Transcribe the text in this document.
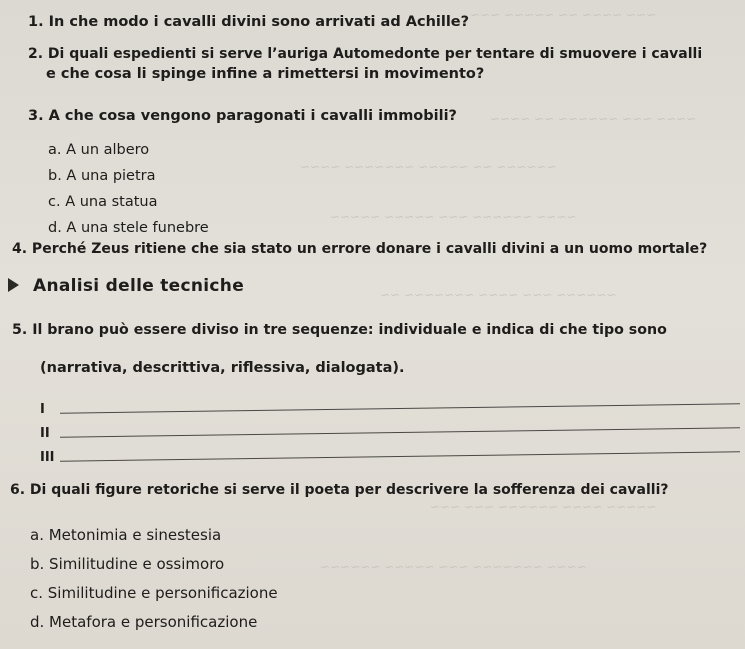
~~~ ~~~~ ~~ ~~~~~ ~~~
~~~~ ~~~ ~~~~~~ ~~ ~~~~
~~~~~~ ~~ ~~~~~ ~~~~~~~ ~~~~
~~~~ ~~~~~~ ~~~ ~~~~~ ~~~~~
~~~~~~ ~~~ ~~~~ ~~~~~~~ ~~
~~~~~ ~~~~ ~~~~~~ ~~~ ~~~
~~~~ ~~~~~~~ ~~~ ~~~~~ ~~~~~~
1. In che modo i cavalli divini sono arrivati ad Achille?
2. Di quali espedienti si serve l’auriga Automedonte per tentare di smuovere i cavalli
e che cosa li spinge infine a rimettersi in movimento?
3. A che cosa vengono paragonati i cavalli immobili?
a. A un albero
b. A una pietra
c. A una statua
d. A una stele funebre
4. Perché Zeus ritiene che sia stato un errore donare i cavalli divini a un uomo mortale?
Analisi delle tecniche
5. Il brano può essere diviso in tre sequenze: individuale e indica di che tipo sono
(narrativa, descrittiva, riflessiva, dialogata).
I
II
III
6. Di quali figure retoriche si serve il poeta per descrivere la sofferenza dei cavalli?
a. Metonimia e sinestesia
b. Similitudine e ossimoro
c. Similitudine e personificazione
d. Metafora e personificazione
